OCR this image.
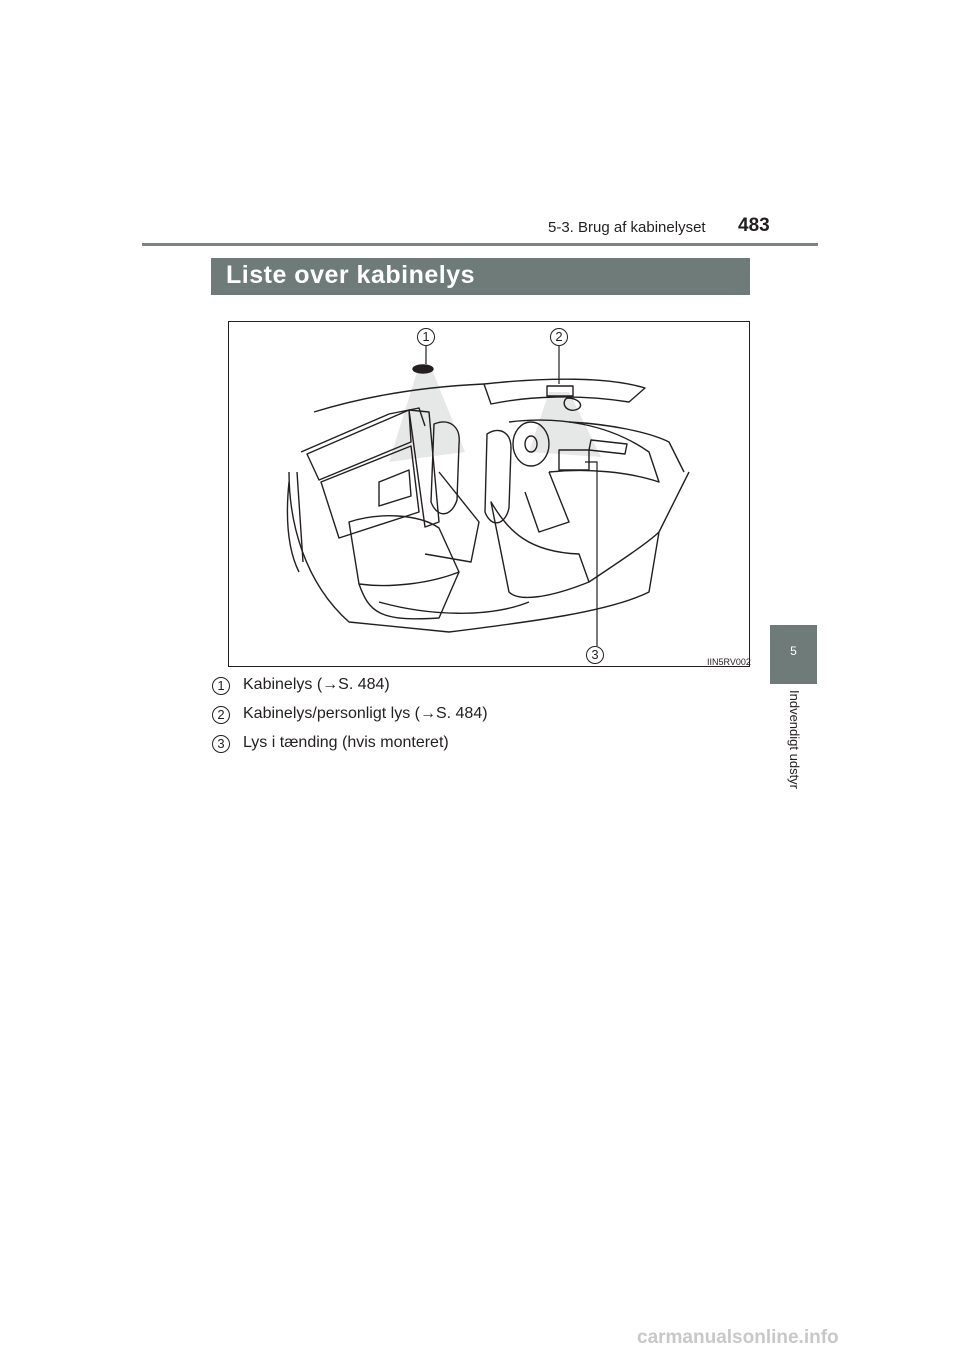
5-3. Brug af kabinelyset 483
Liste over kabinelys
1	2
3	IIN5RV002
1	Kabinelys (→S. 484)
2	Kabinelys/personligt lys (→S. 484)
3	Lys i tænding (hvis monteret)
5
Indvendigt udstyr
carmanualsonline.info
